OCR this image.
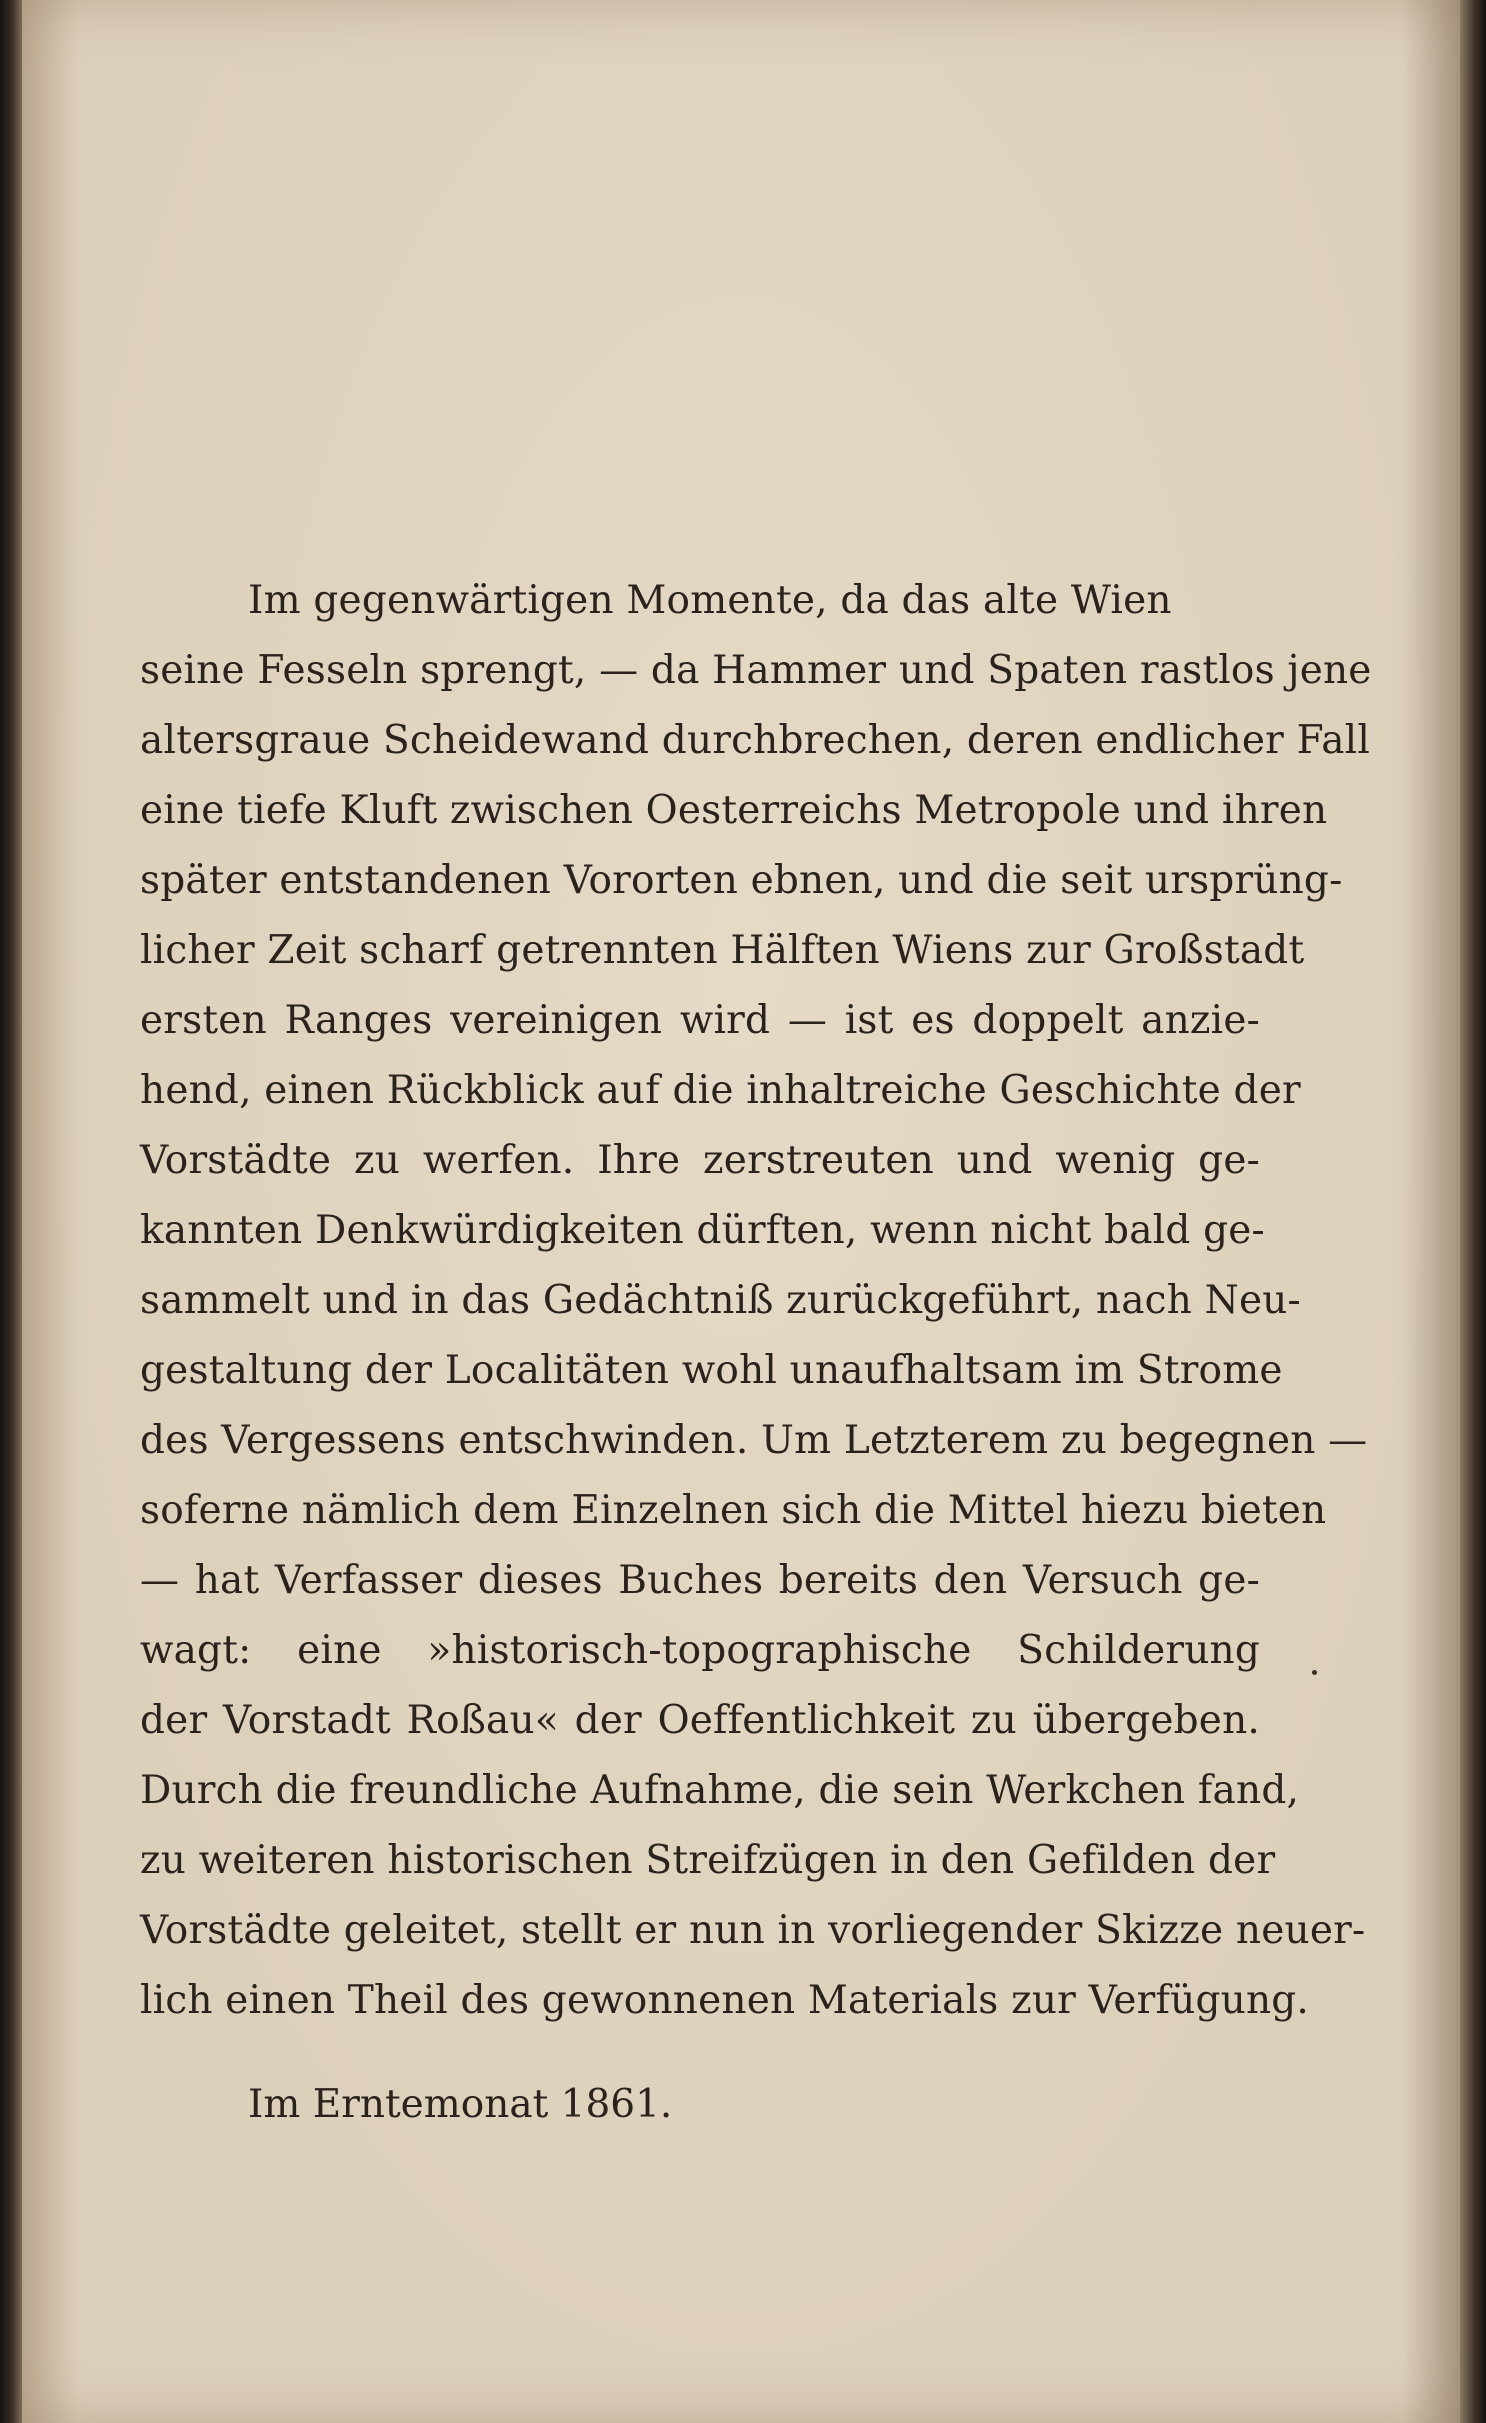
Im gegenwärtigen Momente, da das alte Wien
seine Fesseln sprengt, — da Hammer und Spaten rastlos jene
altersgraue Scheidewand durchbrechen, deren endlicher Fall
eine tiefe Kluft zwischen Oesterreichs Metropole und ihren
später entstandenen Vororten ebnen, und die seit ursprüng-
licher Zeit scharf getrennten Hälften Wiens zur Großstadt
ersten Ranges vereinigen wird — ist es doppelt anzie-
hend, einen Rückblick auf die inhaltreiche Geschichte der
Vorstädte zu werfen. Ihre zerstreuten und wenig ge-
kannten Denkwürdigkeiten dürften, wenn nicht bald ge-
sammelt und in das Gedächtniß zurückgeführt, nach Neu-
gestaltung der Localitäten wohl unaufhaltsam im Strome
des Vergessens entschwinden. Um Letzterem zu begegnen —
soferne nämlich dem Einzelnen sich die Mittel hiezu bieten
— hat Verfasser dieses Buches bereits den Versuch ge-
wagt: eine »historisch-topographische Schilderung
der Vorstadt Roßau« der Oeffentlichkeit zu übergeben.
Durch die freundliche Aufnahme, die sein Werkchen fand,
zu weiteren historischen Streifzügen in den Gefilden der
Vorstädte geleitet, stellt er nun in vorliegender Skizze neuer-
lich einen Theil des gewonnenen Materials zur Verfügung.
Im Erntemonat 1861.
